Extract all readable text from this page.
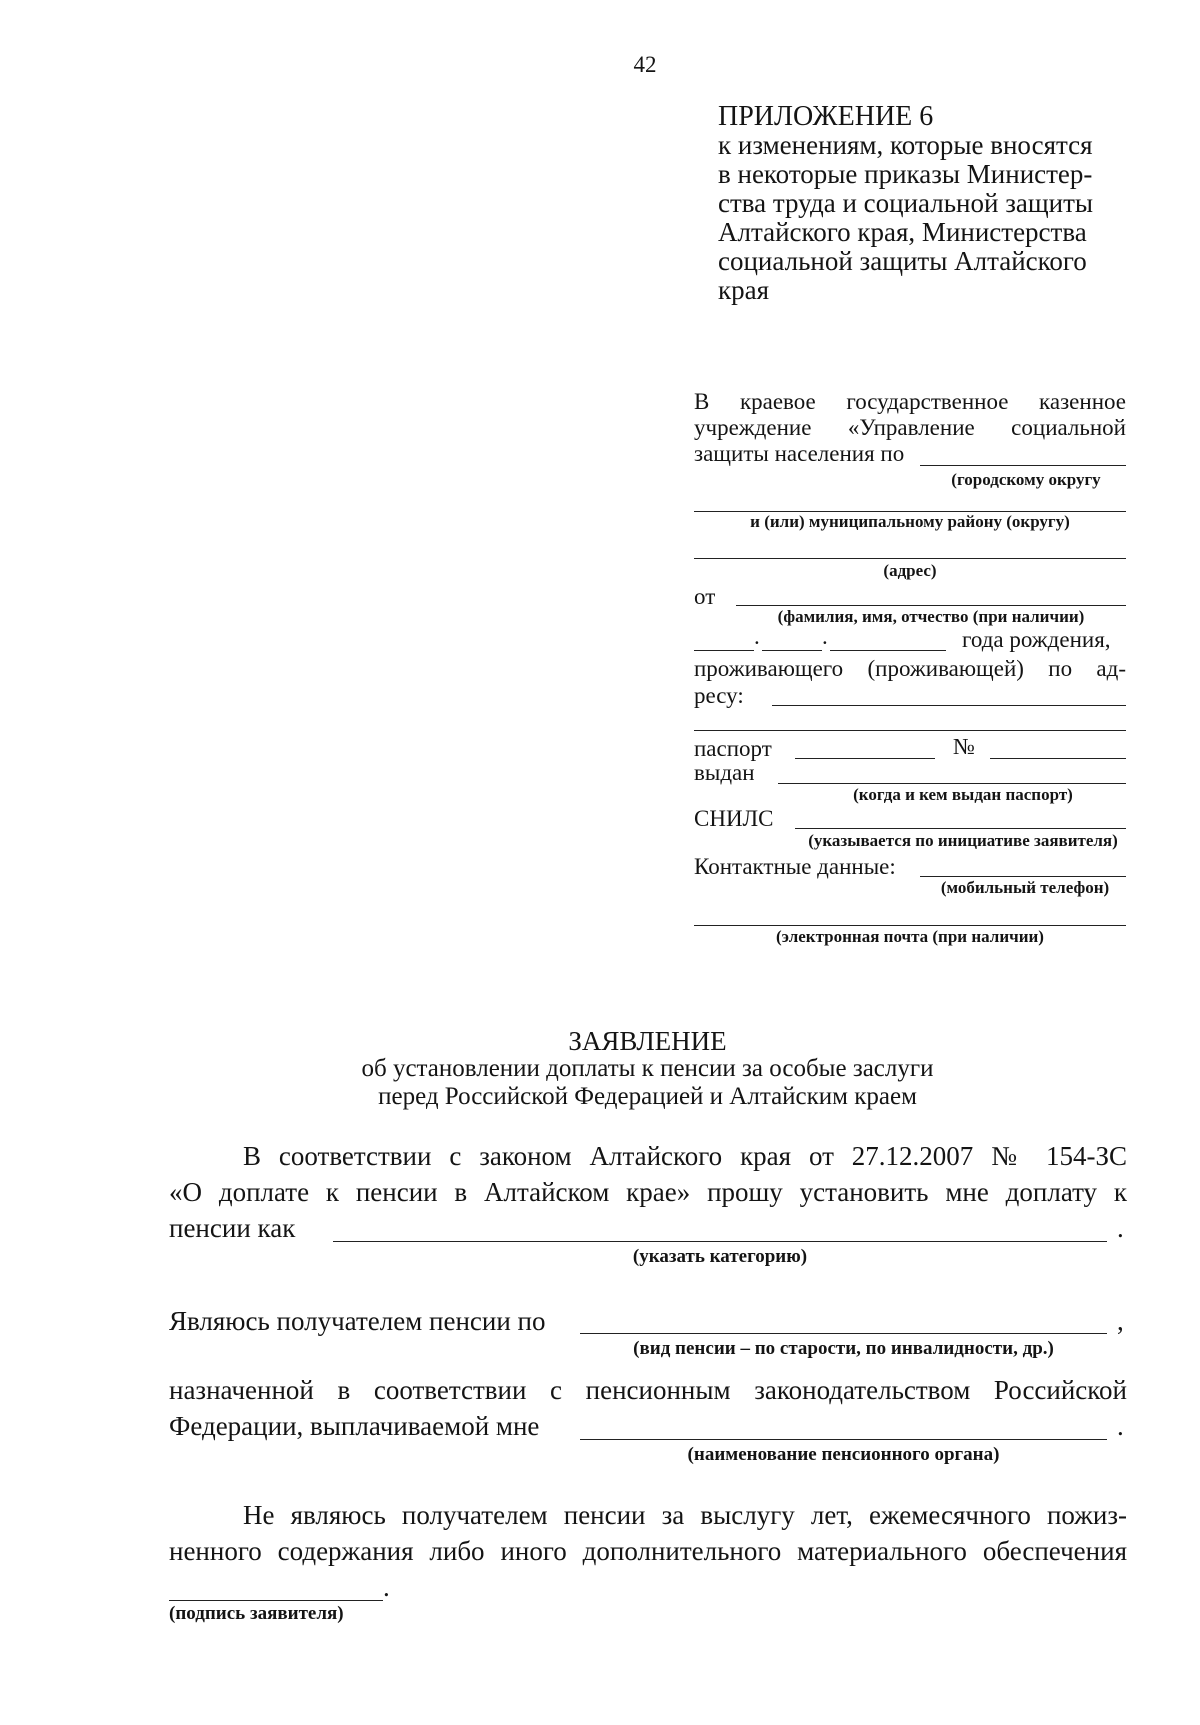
42
ПРИЛОЖЕНИЕ 6
к изменениям, которые вносятся
в некоторые приказы Министер-
ства труда и социальной защиты
Алтайского края, Министерства
социальной защиты Алтайского
края
В краевое государственное казенное
учреждение «Управление социальной
защиты населения по
(городскому округу
и (или) муниципальному району (округу)
(адрес)
от
(фамилия, имя, отчество (при наличии)
.	.	года рождения,
проживающего (проживающей) по ад-
ресу:
паспорт	№
выдан
(когда и кем выдан паспорт)
СНИЛС
(указывается по инициативе заявителя)
Контактные данные:
(мобильный телефон)
(электронная почта (при наличии)
ЗАЯВЛЕНИЕ
об установлении доплаты к пенсии за особые заслуги
перед Российской Федерацией и Алтайским краем
В соответствии с законом Алтайского края от 27.12.2007 № 154-ЗС
«О доплате к пенсии в Алтайском крае» прошу установить мне доплату к
пенсии как	.
(указать категорию)
Являюсь получателем пенсии по	,
(вид пенсии – по старости, по инвалидности, др.)
назначенной в соответствии с пенсионным законодательством Российской
Федерации, выплачиваемой мне	.
(наименование пенсионного органа)
Не являюсь получателем пенсии за выслугу лет, ежемесячного пожиз-
ненного содержания либо иного дополнительного материального обеспечения
.
(подпись заявителя)
